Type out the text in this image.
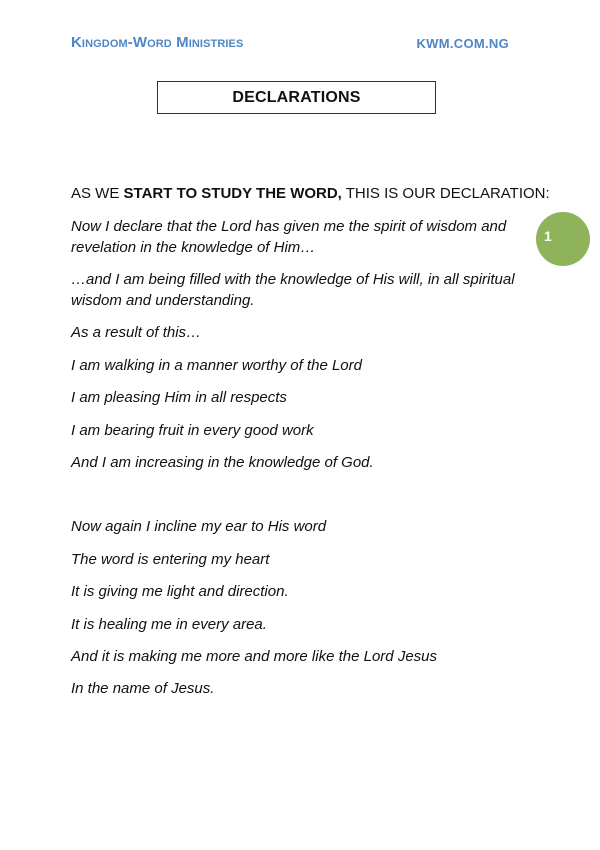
Kingdom-Word Ministries	KWM.COM.NG
DECLARATIONS
AS WE START TO STUDY THE WORD, THIS IS OUR DECLARATION:
1
Now I declare that the Lord has given me the spirit of wisdom and revelation in the knowledge of Him…
…and I am being filled with the knowledge of His will, in all spiritual wisdom and understanding.
As a result of this…
I am walking in a manner worthy of the Lord
I am pleasing Him in all respects
I am bearing fruit in every good work
And I am increasing in the knowledge of God.
Now again I incline my ear to His word
The word is entering my heart
It is giving me light and direction.
It is healing me in every area.
And it is making me more and more like the Lord Jesus
In the name of Jesus.
